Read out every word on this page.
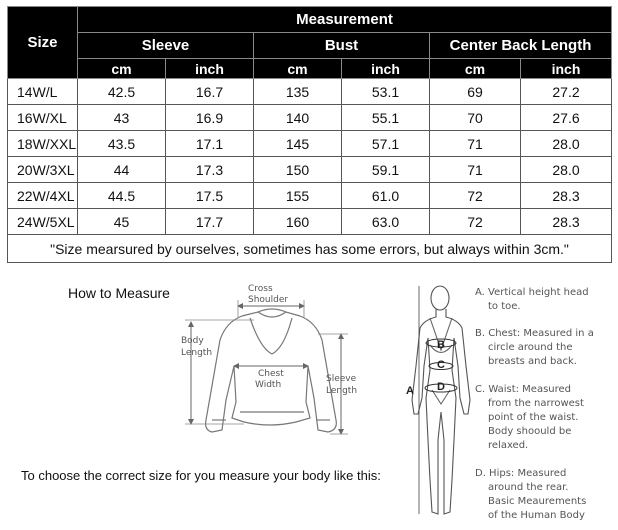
Size	Measurement					
	Sleeve		Bust		Center Back Length	
	cm	inch	cm	inch	cm	inch
14W/L	42.5	16.7	135	53.1	69	27.2
16W/XL	43	16.9	140	55.1	70	27.6
18W/XXL	43.5	17.1	145	57.1	71	28.0
20W/3XL	44	17.3	150	59.1	71	28.0
22W/4XL	44.5	17.5	155	61.0	72	28.3
24W/5XL	45	17.7	160	63.0	72	28.3
"Size mearsured by ourselves, sometimes has some errors, but always within 3cm."						
How to Measure	Cross
Shoulder
Body
Length
Chest
Width
Sleeve
Length	A
B
C
D
A. Vertical height head
to toe.
B. Chest: Measured in a
circle around the
breasts and back.
C. Waist: Measured
from the narrowest
point of the waist.
Body shoould be
relaxed.
D. Hips: Measured
around the rear.
Basic Meaurements
of the Human Body
To choose the correct size for you measure your body like this:
